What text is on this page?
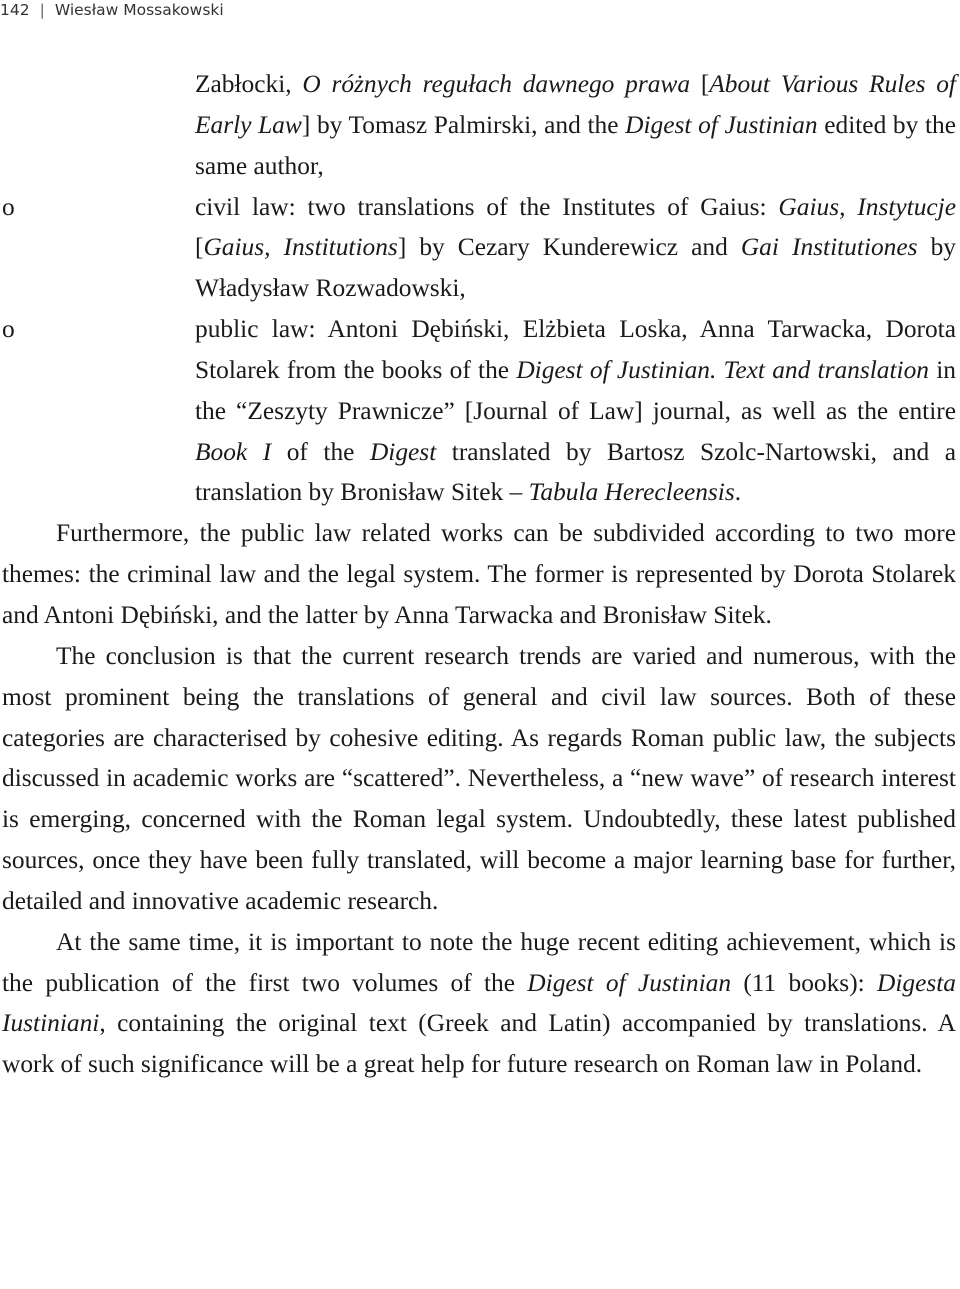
142 | Wiesław Mossakowski

Zabłocki, O różnych regułach dawnego prawa [About Various Rules of Early Law] by Tomasz Palmirski, and the Digest of Justinian edited by the same author,

o	civil law: two translations of the Institutes of Gaius: Gaius, Instytucje [Gaius, Institutions] by Cezary Kunderewicz and Gai Institutiones by Władysław Rozwadowski,
o	public law: Antoni Dębiński, Elżbieta Loska, Anna Tarwacka, Dorota Stolarek from the books of the Digest of Justinian. Text and translation in the “Zeszyty Prawnicze” [Journal of Law] journal, as well as the entire Book I of the Digest translated by Bartosz Szolc-Nartowski, and a translation by Bronisław Sitek – Tabula Herecleensis.

Furthermore, the public law related works can be subdivided according to two more themes: the criminal law and the legal system. The former is represented by Dorota Stolarek and Antoni Dębiński, and the latter by Anna Tarwacka and Bronisław Sitek.

The conclusion is that the current research trends are varied and numerous, with the most prominent being the translations of general and civil law sources. Both of these categories are characterised by cohesive editing. As regards Roman public law, the subjects discussed in academic works are “scattered”. Nevertheless, a “new wave” of research interest is emerging, concerned with the Roman legal system. Undoubtedly, these latest published sources, once they have been fully translated, will become a major learning base for further, detailed and innovative academic research.

At the same time, it is important to note the huge recent editing achievement, which is the publication of the first two volumes of the Digest of Justinian (11 books): Digesta Iustiniani, containing the original text (Greek and Latin) accompanied by translations. A work of such significance will be a great help for future research on Roman law in Poland.
